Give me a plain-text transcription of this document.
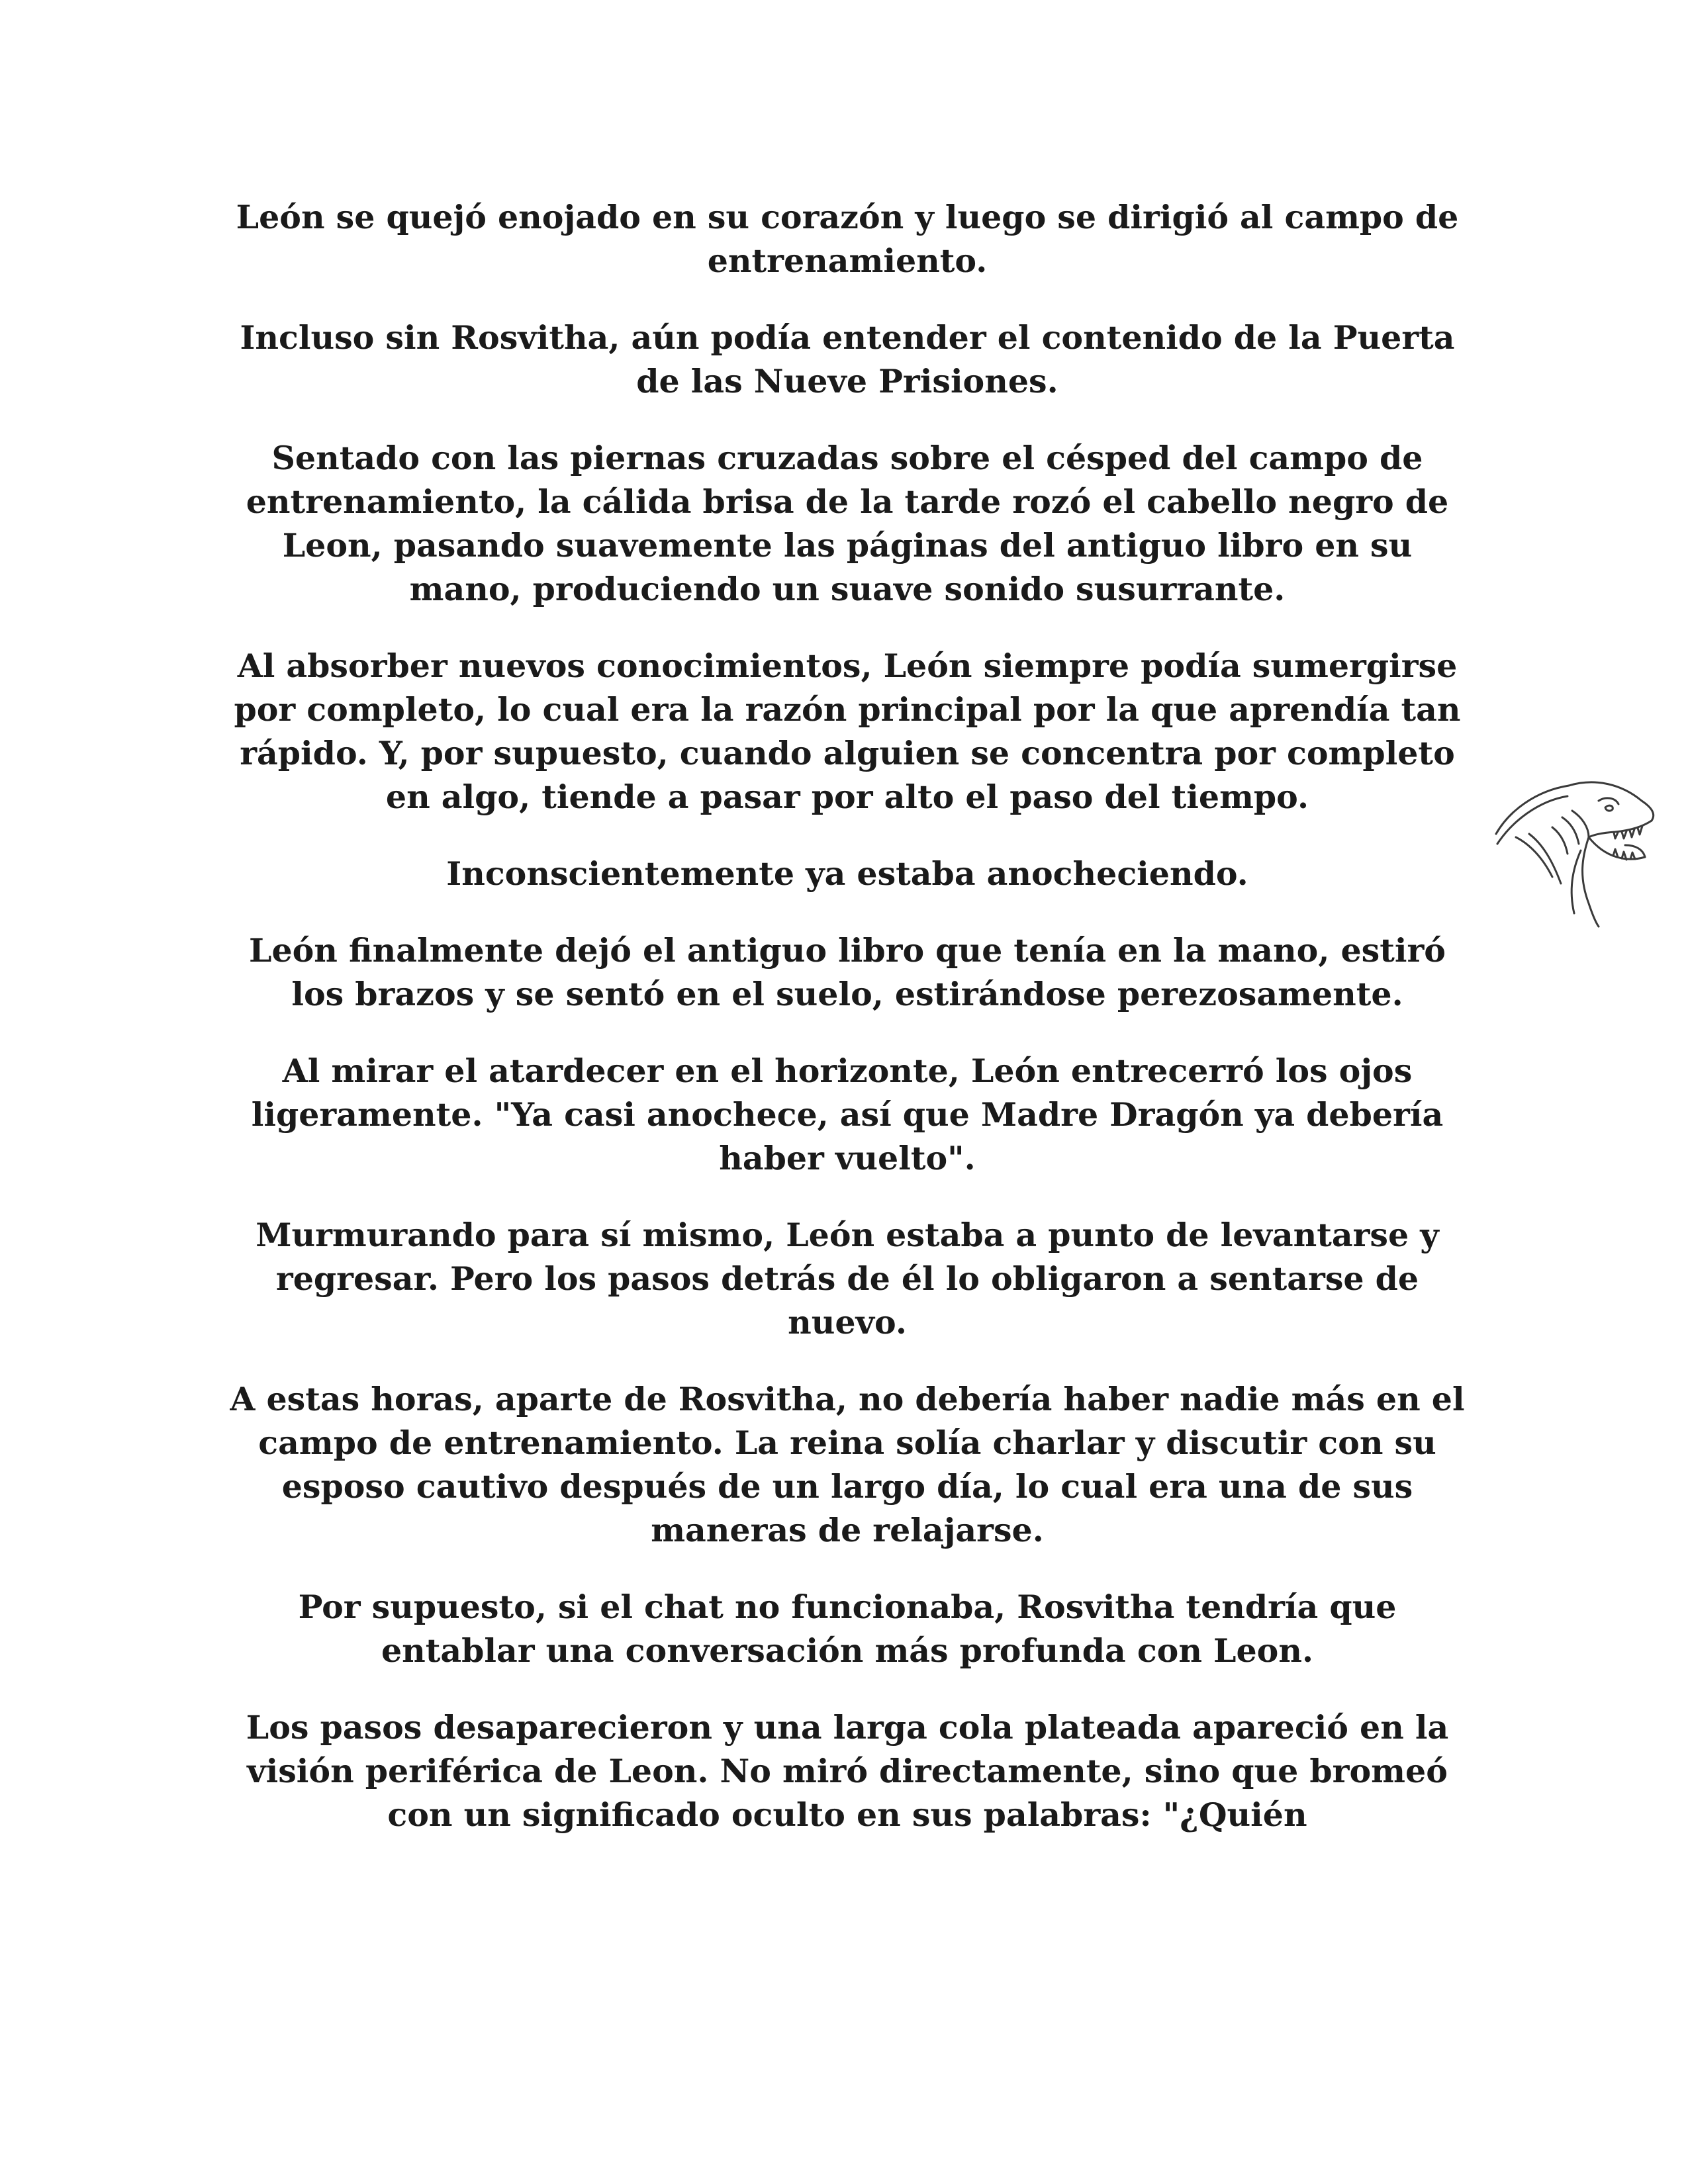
León se quejó enojado en su corazón y luego se dirigió al campo de entrenamiento.

Incluso sin Rosvitha, aún podía entender el contenido de la Puerta de las Nueve Prisiones.

Sentado con las piernas cruzadas sobre el césped del campo de entrenamiento, la cálida brisa de la tarde rozó el cabello negro de Leon, pasando suavemente las páginas del antiguo libro en su mano, produciendo un suave sonido susurrante.

Al absorber nuevos conocimientos, León siempre podía sumergirse por completo, lo cual era la razón principal por la que aprendía tan rápido. Y, por supuesto, cuando alguien se concentra por completo en algo, tiende a pasar por alto el paso del tiempo.

Inconscientemente ya estaba anocheciendo.

León finalmente dejó el antiguo libro que tenía en la mano, estiró los brazos y se sentó en el suelo, estirándose perezosamente.

Al mirar el atardecer en el horizonte, León entrecerró los ojos ligeramente. "Ya casi anochece, así que Madre Dragón ya debería haber vuelto".

Murmurando para sí mismo, León estaba a punto de levantarse y regresar. Pero los pasos detrás de él lo obligaron a sentarse de nuevo.

A estas horas, aparte de Rosvitha, no debería haber nadie más en el campo de entrenamiento. La reina solía charlar y discutir con su esposo cautivo después de un largo día, lo cual era una de sus maneras de relajarse.

Por supuesto, si el chat no funcionaba, Rosvitha tendría que entablar una conversación más profunda con Leon.

Los pasos desaparecieron y una larga cola plateada apareció en la visión periférica de Leon. No miró directamente, sino que bromeó con un significado oculto en sus palabras: "¿Quién
